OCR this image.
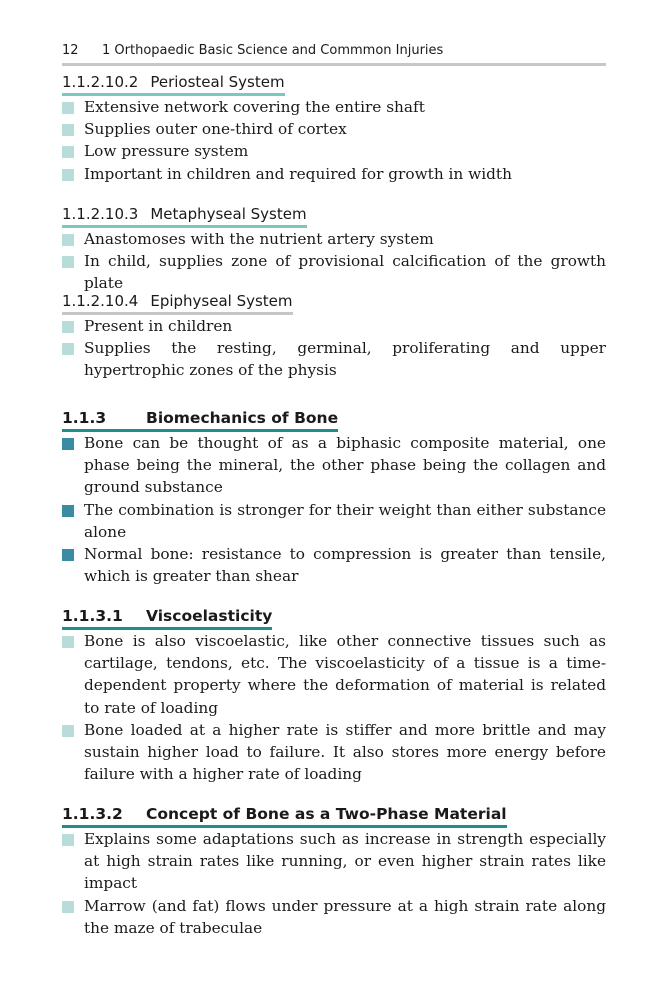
12 1 Orthopaedic Basic Science and Commmon Injuries
1.1.2.10.2 Periosteal System
Extensive network covering the entire shaft
Supplies outer one-third of cortex
Low pressure system
Important in children and required for growth in width
1.1.2.10.3 Metaphyseal System
Anastomoses with the nutrient artery system
In child, supplies zone of provisional calcification of the growth plate
1.1.2.10.4 Epiphyseal System
Present in children
Supplies the resting, germinal, proliferating and upper hypertrophic zones of the physis
1.1.3	Biomechanics of Bone
Bone can be thought of as a biphasic composite material, one phase being the mineral, the other phase being the collagen and ground substance
The combination is stronger for their weight than either substance alone
Normal bone: resistance to compression is greater than tensile, which is greater than shear
1.1.3.1 Viscoelasticity
Bone is also viscoelastic, like other connective tissues such as cartilage, tendons, etc. The viscoelasticity of a tissue is a time-dependent property where the deformation of material is related to rate of loading
Bone loaded at a higher rate is stiffer and more brittle and may sustain higher load to failure. It also stores more energy before failure with a higher rate of loading
1.1.3.2 Concept of Bone as a Two-Phase Material
Explains some adaptations such as increase in strength especially at high strain rates like running, or even higher strain rates like impact
Marrow (and fat) flows under pressure at a high strain rate along the maze of trabeculae
